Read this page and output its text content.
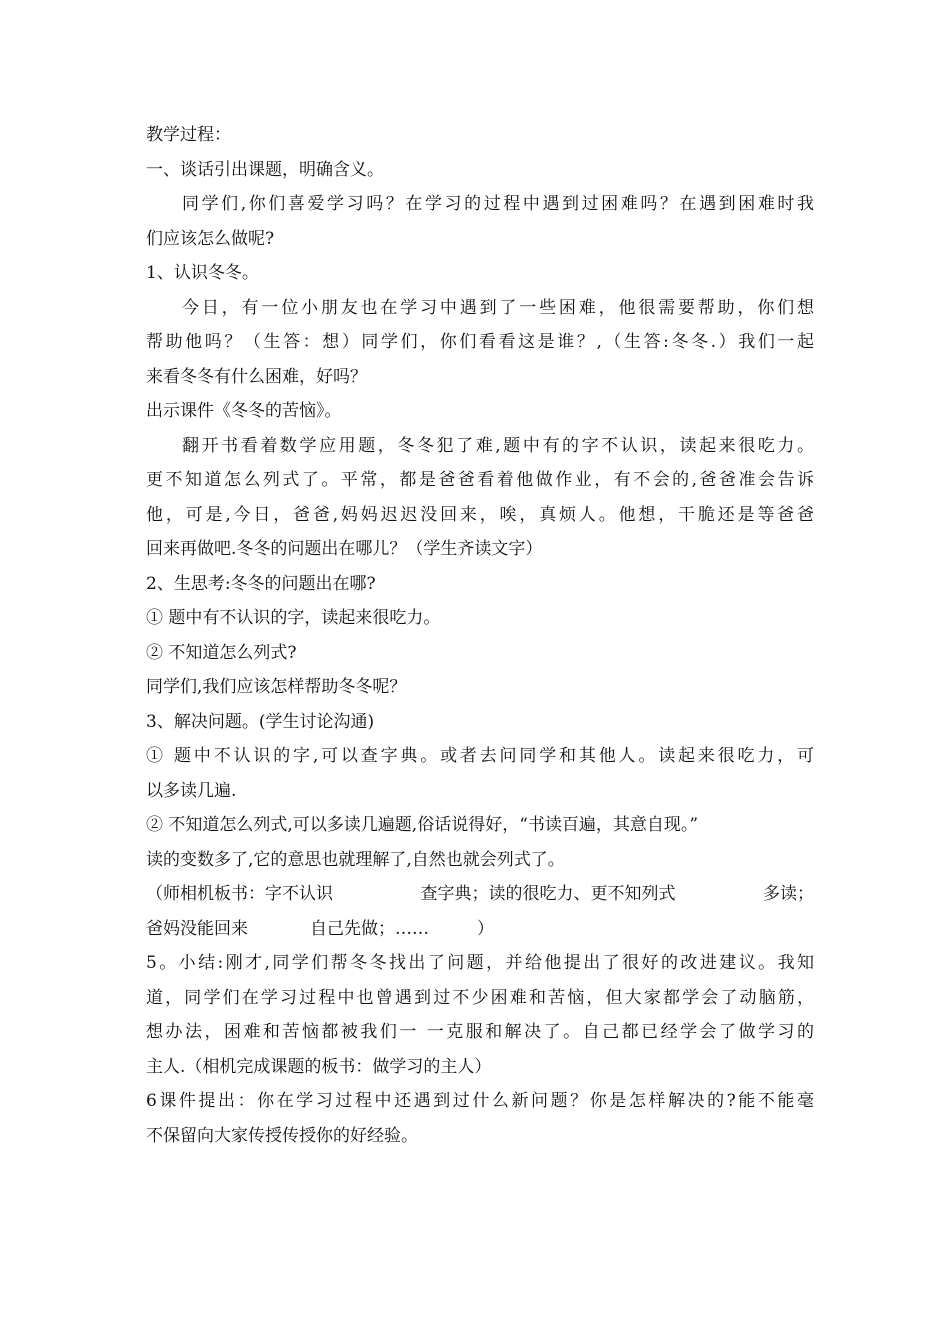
教学过程：
一、谈话引出课题，明确含义。
同学们,你们喜爱学习吗？在学习的过程中遇到过困难吗？在遇到困难时我
们应该怎么做呢?
1、认识冬冬。
今日，有一位小朋友也在学习中遇到了一些困难，他很需要帮助，你们想
帮助他吗？（生答：想）同学们，你们看看这是谁？,（生答:冬冬.）我们一起
来看冬冬有什么困难，好吗？
出示课件《冬冬的苦恼》。
翻开书看着数学应用题，冬冬犯了难,题中有的字不认识，读起来很吃力。
更不知道怎么列式了。平常，都是爸爸看着他做作业，有不会的,爸爸准会告诉
他，可是,今日，爸爸,妈妈迟迟没回来，唉，真烦人。他想，干脆还是等爸爸
回来再做吧.冬冬的问题出在哪儿？（学生齐读文字）
2、生思考:冬冬的问题出在哪?
① 题中有不认识的字，读起来很吃力。
② 不知道怎么列式?
同学们,我们应该怎样帮助冬冬呢？
3、解决问题。(学生讨论沟通)
① 题中不认识的字,可以查字典。或者去问同学和其他人。读起来很吃力，可
以多读几遍.
② 不知道怎么列式,可以多读几遍题,俗话说得好，“书读百遍，其意自现。”
读的变数多了,它的意思也就理解了,自然也就会列式了。
（师相机板书：字不认识	查字典；读的很吃力、更不知列式	多读；
爸妈没能回来	自己先做；……	）
5。小结:刚才,同学们帮冬冬找出了问题，并给他提出了很好的改进建议。我知
道，同学们在学习过程中也曾遇到过不少困难和苦恼，但大家都学会了动脑筋，
想办法，困难和苦恼都被我们一 一克服和解决了。自己都已经学会了做学习的
主人.（相机完成课题的板书：做学习的主人）
6课件提出：你在学习过程中还遇到过什么新问题？你是怎样解决的?能不能毫
不保留向大家传授传授你的好经验。
